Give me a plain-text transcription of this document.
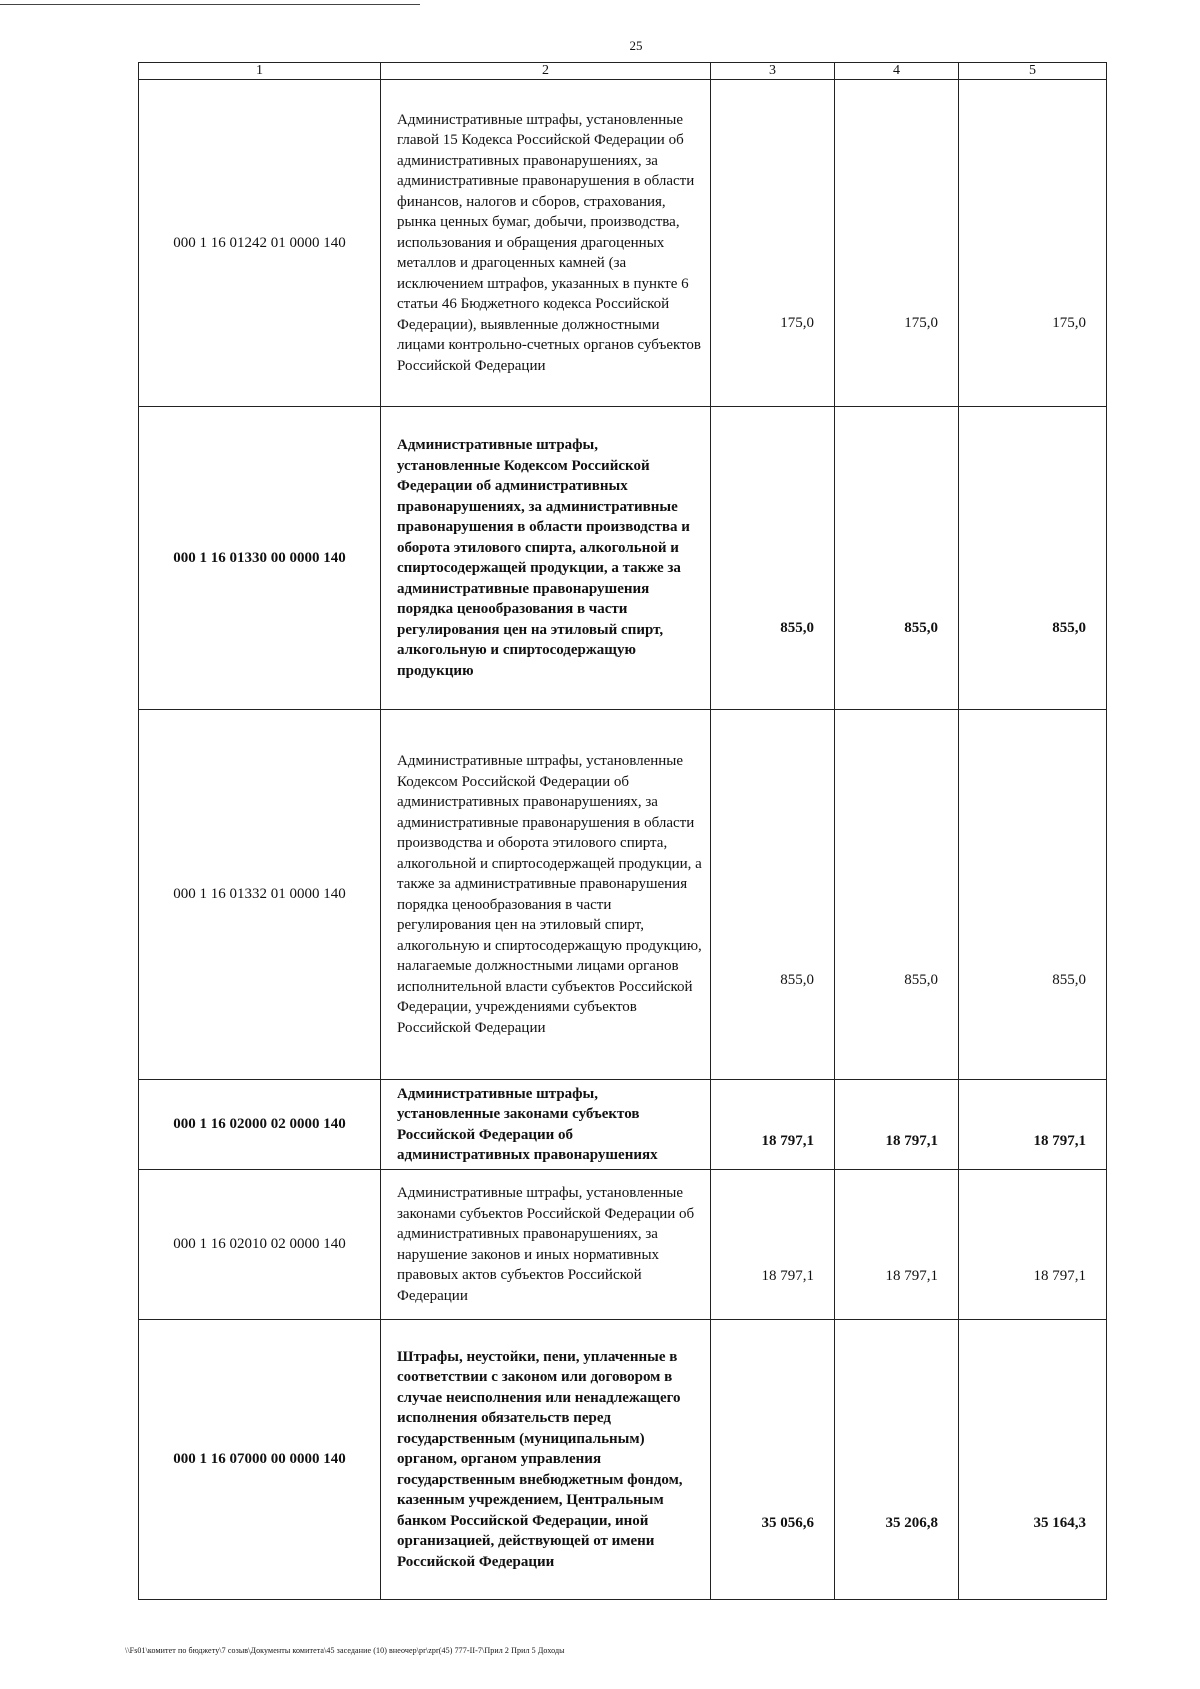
25
1	2	3	4	5
000 1 16 01242 01 0000 140	Административные штрафы, установленные главой 15 Кодекса Российской Федерации об административных правонарушениях, за административные правонарушения в области финансов, налогов и сборов, страхования, рынка ценных бумаг, добычи, производства, использования и обращения драгоценных металлов и драгоценных камней (за исключением штрафов, указанных в пункте 6 статьи 46 Бюджетного кодекса Российской Федерации), выявленные должностными лицами контрольно-счетных органов субъектов Российской Федерации	175,0	175,0	175,0
000 1 16 01330 00 0000 140	Административные штрафы, установленные Кодексом Российской Федерации об административных правонарушениях, за административные правонарушения в области производства и оборота этилового спирта, алкогольной и спиртосодержащей продукции, а также за административные правонарушения порядка ценообразования в части регулирования цен на этиловый спирт, алкогольную и спиртосодержащую продукцию	855,0	855,0	855,0
000 1 16 01332 01 0000 140	Административные штрафы, установленные Кодексом Российской Федерации об административных правонарушениях, за административные правонарушения в области производства и оборота этилового спирта, алкогольной и спиртосодержащей продукции, а также за административные правонарушения порядка ценообразования в части регулирования цен на этиловый спирт, алкогольную и спиртосодержащую продукцию, налагаемые должностными лицами органов исполнительной власти субъектов Российской Федерации, учреждениями субъектов Российской Федерации	855,0	855,0	855,0
000 1 16 02000 02 0000 140	Административные штрафы, установленные законами субъектов Российской Федерации об административных правонарушениях	18 797,1	18 797,1	18 797,1
000 1 16 02010 02 0000 140	Административные штрафы, установленные законами субъектов Российской Федерации об административных правонарушениях, за нарушение законов и иных нормативных правовых актов субъектов Российской Федерации	18 797,1	18 797,1	18 797,1
000 1 16 07000 00 0000 140	Штрафы, неустойки, пени, уплаченные в соответствии с законом или договором в случае неисполнения или ненадлежащего исполнения обязательств перед государственным (муниципальным) органом, органом управления государственным внебюджетным фондом, казенным учреждением, Центральным банком Российской Федерации, иной организацией, действующей от имени Российской Федерации	35 056,6	35 206,8	35 164,3
\\Fs01\комитет по бюджету\7 созыв\Документы комитета\45 заседание (10) внеочер\pr\zpr(45) 777-II-7\Прил 2 Прил 5 Доходы
